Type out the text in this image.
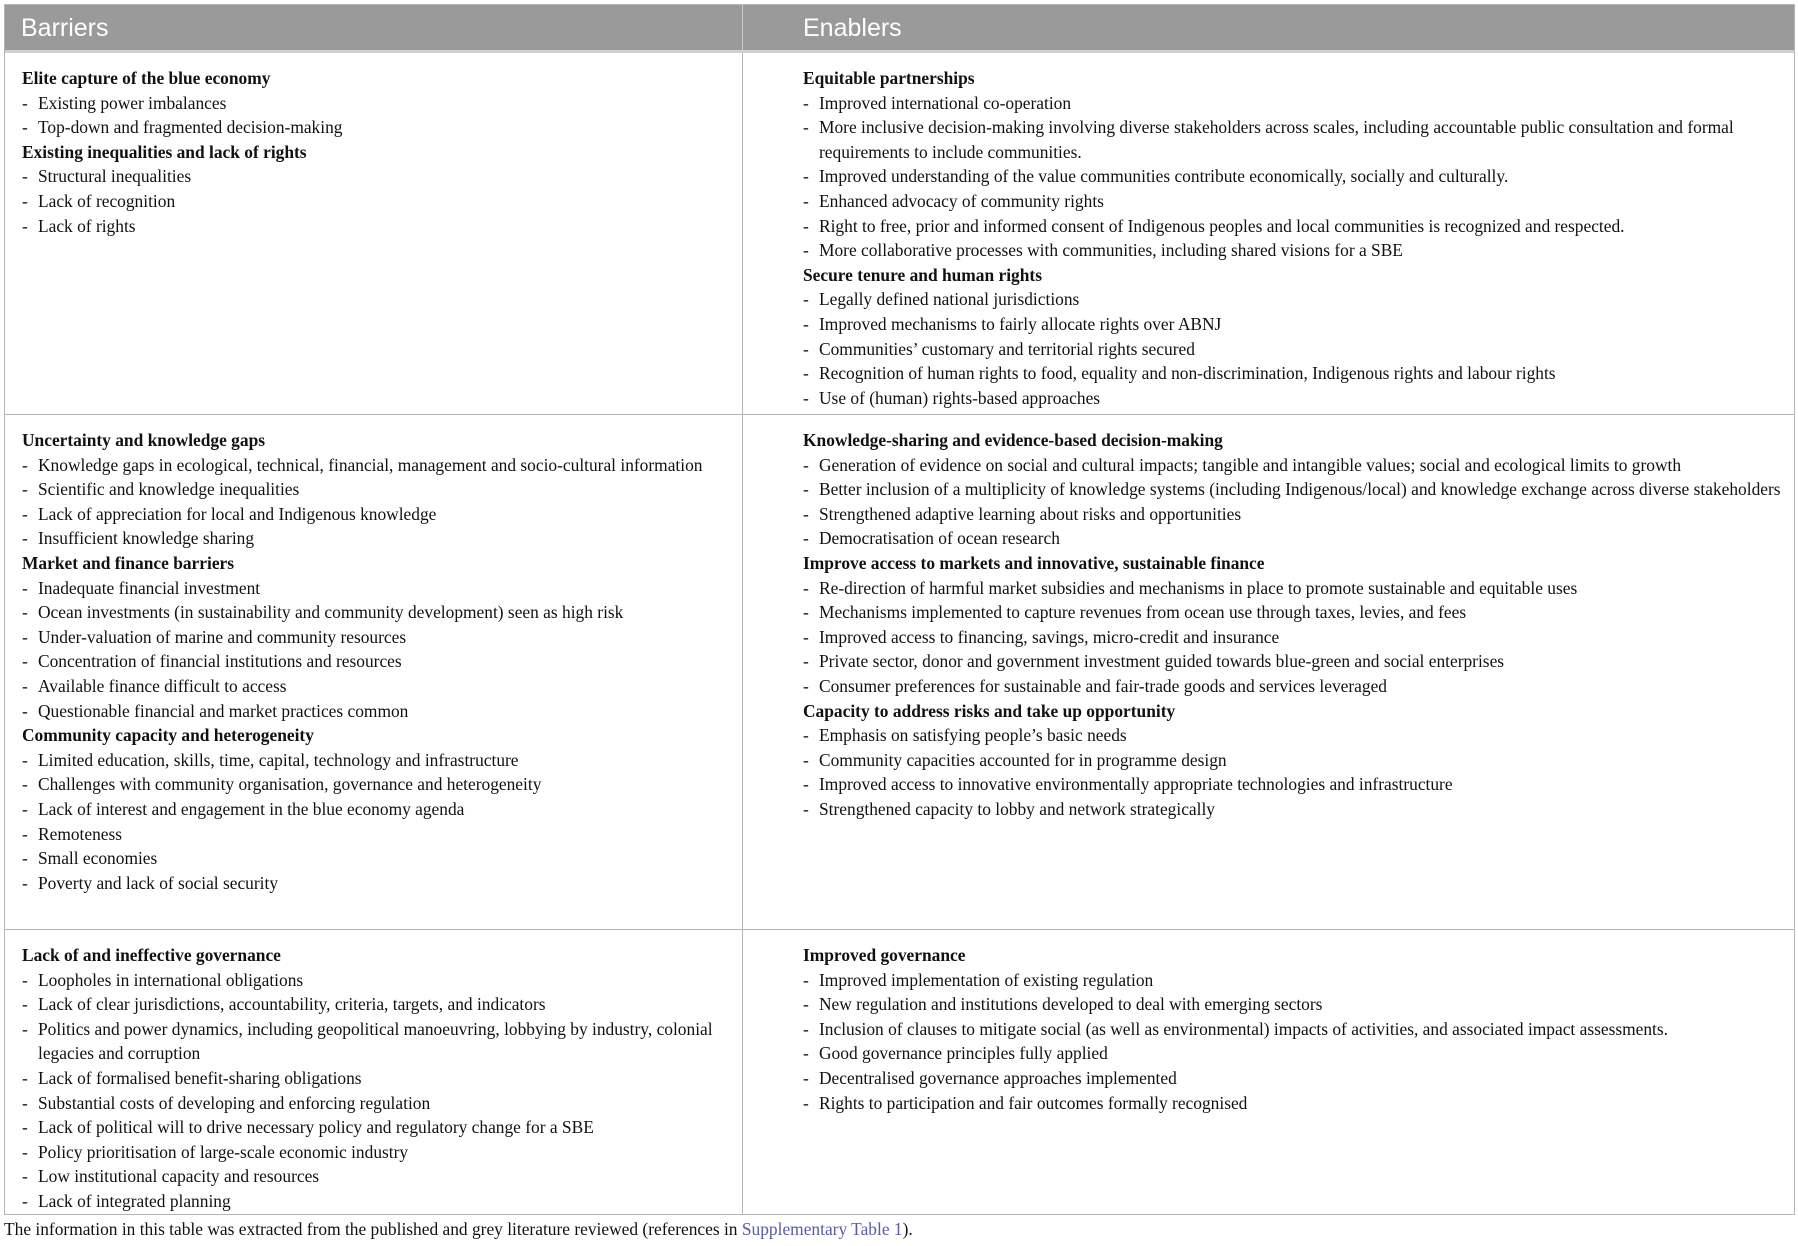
Barriers	Enablers
Elite capture of the blue economy
- Existing power imbalances
- Top-down and fragmented decision-making
Existing inequalities and lack of rights
- Structural inequalities
- Lack of recognition
- Lack of rights
Equitable partnerships
- Improved international co-operation
- More inclusive decision-making involving diverse stakeholders across scales, including accountable public consultation and formal requirements to include communities.
- Improved understanding of the value communities contribute economically, socially and culturally.
- Enhanced advocacy of community rights
- Right to free, prior and informed consent of Indigenous peoples and local communities is recognized and respected.
- More collaborative processes with communities, including shared visions for a SBE
Secure tenure and human rights
- Legally defined national jurisdictions
- Improved mechanisms to fairly allocate rights over ABNJ
- Communities’ customary and territorial rights secured
- Recognition of human rights to food, equality and non-discrimination, Indigenous rights and labour rights
- Use of (human) rights-based approaches
Uncertainty and knowledge gaps
- Knowledge gaps in ecological, technical, financial, management and socio-cultural information
- Scientific and knowledge inequalities
- Lack of appreciation for local and Indigenous knowledge
- Insufficient knowledge sharing
Market and finance barriers
- Inadequate financial investment
- Ocean investments (in sustainability and community development) seen as high risk
- Under-valuation of marine and community resources
- Concentration of financial institutions and resources
- Available finance difficult to access
- Questionable financial and market practices common
Community capacity and heterogeneity
- Limited education, skills, time, capital, technology and infrastructure
- Challenges with community organisation, governance and heterogeneity
- Lack of interest and engagement in the blue economy agenda
- Remoteness
- Small economies
- Poverty and lack of social security
Knowledge-sharing and evidence-based decision-making
- Generation of evidence on social and cultural impacts; tangible and intangible values; social and ecological limits to growth
- Better inclusion of a multiplicity of knowledge systems (including Indigenous/local) and knowledge exchange across diverse stakeholders
- Strengthened adaptive learning about risks and opportunities
- Democratisation of ocean research
Improve access to markets and innovative, sustainable finance
- Re-direction of harmful market subsidies and mechanisms in place to promote sustainable and equitable uses
- Mechanisms implemented to capture revenues from ocean use through taxes, levies, and fees
- Improved access to financing, savings, micro-credit and insurance
- Private sector, donor and government investment guided towards blue-green and social enterprises
- Consumer preferences for sustainable and fair-trade goods and services leveraged
Capacity to address risks and take up opportunity
- Emphasis on satisfying people’s basic needs
- Community capacities accounted for in programme design
- Improved access to innovative environmentally appropriate technologies and infrastructure
- Strengthened capacity to lobby and network strategically
Lack of and ineffective governance
- Loopholes in international obligations
- Lack of clear jurisdictions, accountability, criteria, targets, and indicators
- Politics and power dynamics, including geopolitical manoeuvring, lobbying by industry, colonial legacies and corruption
- Lack of formalised benefit-sharing obligations
- Substantial costs of developing and enforcing regulation
- Lack of political will to drive necessary policy and regulatory change for a SBE
- Policy prioritisation of large-scale economic industry
- Low institutional capacity and resources
- Lack of integrated planning
Improved governance
- Improved implementation of existing regulation
- New regulation and institutions developed to deal with emerging sectors
- Inclusion of clauses to mitigate social (as well as environmental) impacts of activities, and associated impact assessments.
- Good governance principles fully applied
- Decentralised governance approaches implemented
- Rights to participation and fair outcomes formally recognised
The information in this table was extracted from the published and grey literature reviewed (references in Supplementary Table 1).
